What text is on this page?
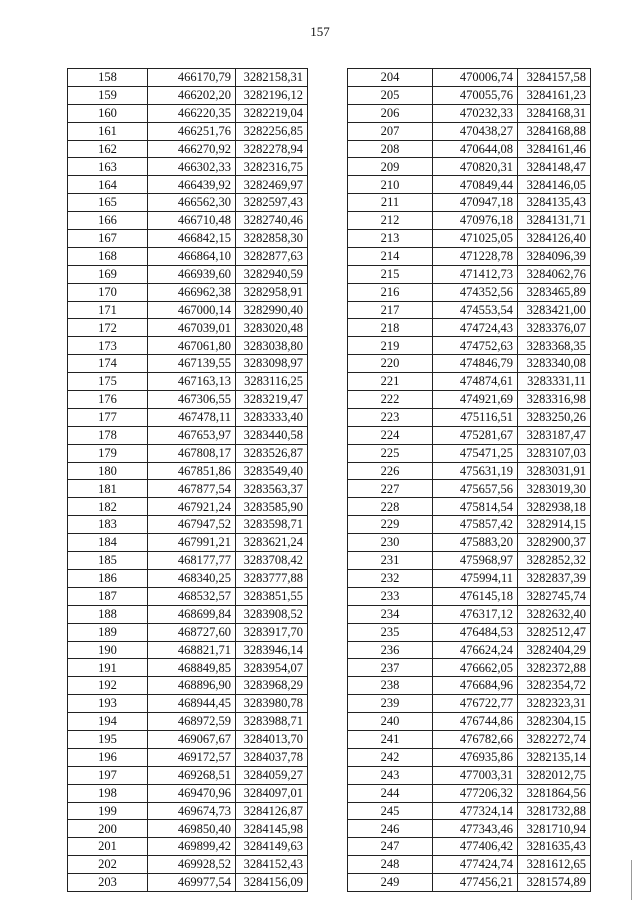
157
158	466170,79	3282158,31
159	466202,20	3282196,12
160	466220,35	3282219,04
161	466251,76	3282256,85
162	466270,92	3282278,94
163	466302,33	3282316,75
164	466439,92	3282469,97
165	466562,30	3282597,43
166	466710,48	3282740,46
167	466842,15	3282858,30
168	466864,10	3282877,63
169	466939,60	3282940,59
170	466962,38	3282958,91
171	467000,14	3282990,40
172	467039,01	3283020,48
173	467061,80	3283038,80
174	467139,55	3283098,97
175	467163,13	3283116,25
176	467306,55	3283219,47
177	467478,11	3283333,40
178	467653,97	3283440,58
179	467808,17	3283526,87
180	467851,86	3283549,40
181	467877,54	3283563,37
182	467921,24	3283585,90
183	467947,52	3283598,71
184	467991,21	3283621,24
185	468177,77	3283708,42
186	468340,25	3283777,88
187	468532,57	3283851,55
188	468699,84	3283908,52
189	468727,60	3283917,70
190	468821,71	3283946,14
191	468849,85	3283954,07
192	468896,90	3283968,29
193	468944,45	3283980,78
194	468972,59	3283988,71
195	469067,67	3284013,70
196	469172,57	3284037,78
197	469268,51	3284059,27
198	469470,96	3284097,01
199	469674,73	3284126,87
200	469850,40	3284145,98
201	469899,42	3284149,63
202	469928,52	3284152,43
203	469977,54	3284156,09
204	470006,74	3284157,58
205	470055,76	3284161,23
206	470232,33	3284168,31
207	470438,27	3284168,88
208	470644,08	3284161,46
209	470820,31	3284148,47
210	470849,44	3284146,05
211	470947,18	3284135,43
212	470976,18	3284131,71
213	471025,05	3284126,40
214	471228,78	3284096,39
215	471412,73	3284062,76
216	474352,56	3283465,89
217	474553,54	3283421,00
218	474724,43	3283376,07
219	474752,63	3283368,35
220	474846,79	3283340,08
221	474874,61	3283331,11
222	474921,69	3283316,98
223	475116,51	3283250,26
224	475281,67	3283187,47
225	475471,25	3283107,03
226	475631,19	3283031,91
227	475657,56	3283019,30
228	475814,54	3282938,18
229	475857,42	3282914,15
230	475883,20	3282900,37
231	475968,97	3282852,32
232	475994,11	3282837,39
233	476145,18	3282745,74
234	476317,12	3282632,40
235	476484,53	3282512,47
236	476624,24	3282404,29
237	476662,05	3282372,88
238	476684,96	3282354,72
239	476722,77	3282323,31
240	476744,86	3282304,15
241	476782,66	3282272,74
242	476935,86	3282135,14
243	477003,31	3282012,75
244	477206,32	3281864,56
245	477324,14	3281732,88
246	477343,46	3281710,94
247	477406,42	3281635,43
248	477424,74	3281612,65
249	477456,21	3281574,89
